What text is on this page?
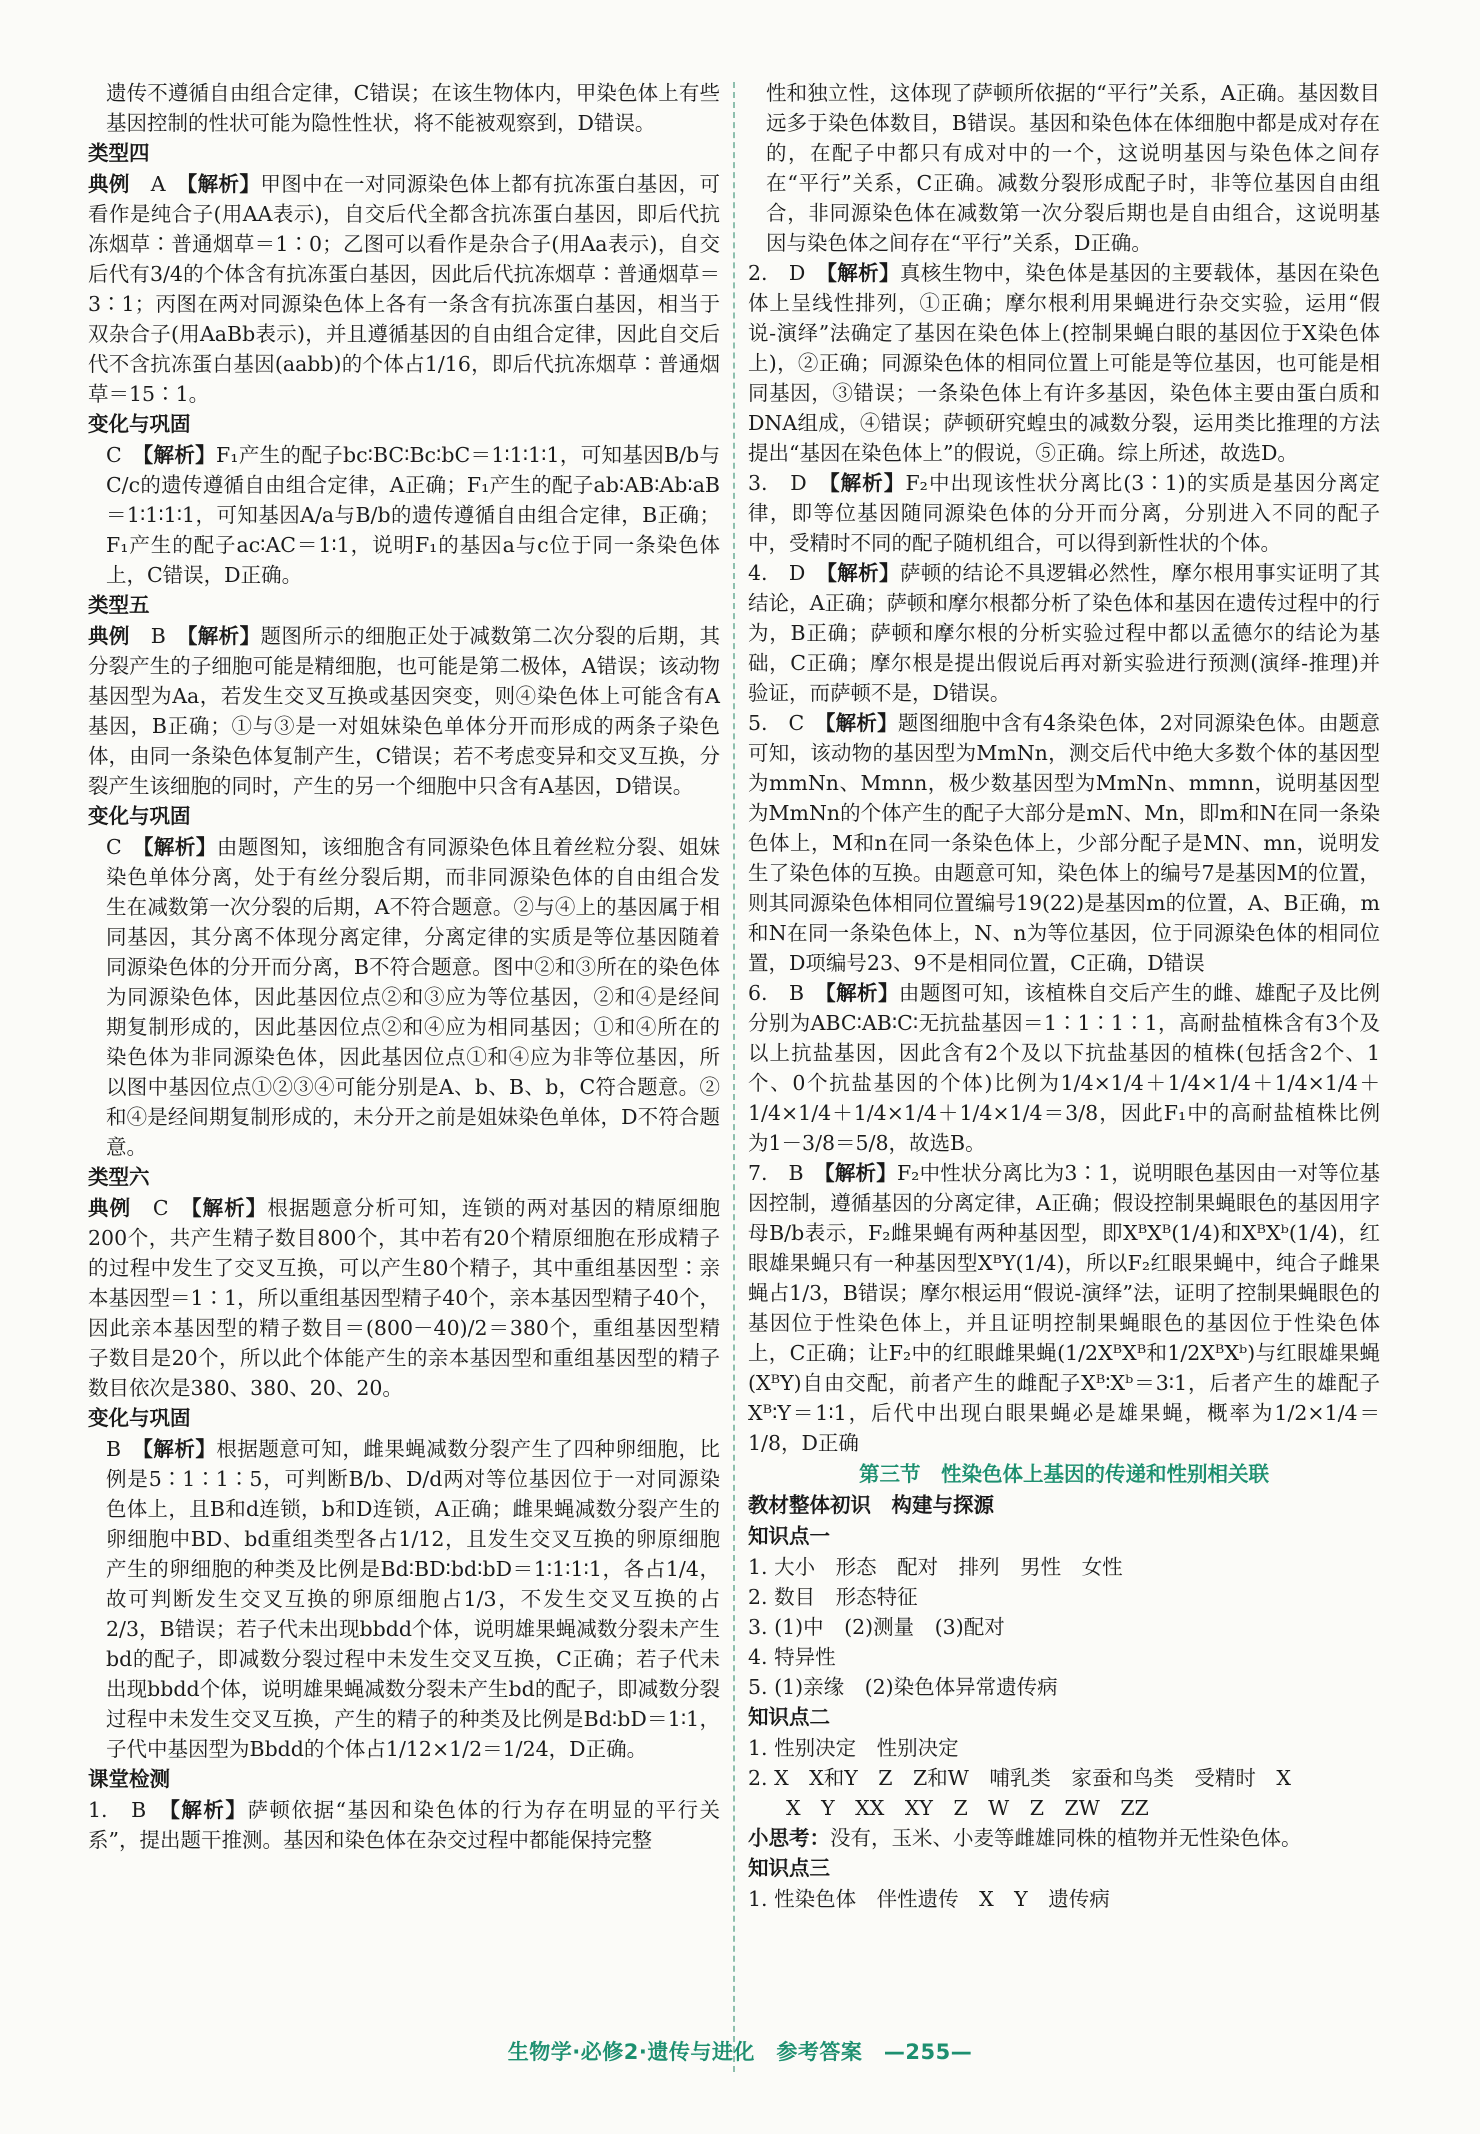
遗传不遵循自由组合定律，C错误；在该生物体内，甲染色体上有些基因控制的性状可能为隐性性状，将不能被观察到，D错误。

类型四

典例　 A　 【解析】甲图中在一对同源染色体上都有抗冻蛋白基因，可看作是纯合子(用AA表示)，自交后代全都含抗冻蛋白基因，即后代抗冻烟草∶普通烟草＝1∶0；乙图可以看作是杂合子(用Aa表示)，自交后代有3/4的个体含有抗冻蛋白基因，因此后代抗冻烟草∶普通烟草＝3∶1；丙图在两对同源染色体上各有一条含有抗冻蛋白基因，相当于双杂合子(用AaBb表示)，并且遵循基因的自由组合定律，因此自交后代不含抗冻蛋白基因(aabb)的个体占1/16，即后代抗冻烟草∶普通烟草＝15∶1。

变化与巩固

C　 【解析】F₁产生的配子bc∶BC∶Bc∶bC＝1∶1∶1∶1，可知基因B/b与C/c的遗传遵循自由组合定律，A正确；F₁产生的配子ab∶AB∶Ab∶aB＝1∶1∶1∶1，可知基因A/a与B/b的遗传遵循自由组合定律，B正确；F₁产生的配子ac∶AC＝1∶1，说明F₁的基因a与c位于同一条染色体上，C错误，D正确。

类型五

典例　 B　 【解析】题图所示的细胞正处于减数第二次分裂的后期，其分裂产生的子细胞可能是精细胞，也可能是第二极体，A错误；该动物基因型为Aa，若发生交叉互换或基因突变，则④染色体上可能含有A基因，B正确；①与③是一对姐妹染色单体分开而形成的两条子染色体，由同一条染色体复制产生，C错误；若不考虑变异和交叉互换，分裂产生该细胞的同时，产生的另一个细胞中只含有A基因，D错误。

变化与巩固

C　 【解析】由题图知，该细胞含有同源染色体且着丝粒分裂、姐妹染色单体分离，处于有丝分裂后期，而非同源染色体的自由组合发生在减数第一次分裂的后期，A不符合题意。②与④上的基因属于相同基因，其分离不体现分离定律，分离定律的实质是等位基因随着同源染色体的分开而分离，B不符合题意。图中②和③所在的染色体为同源染色体，因此基因位点②和③应为等位基因，②和④是经间期复制形成的，因此基因位点②和④应为相同基因；①和④所在的染色体为非同源染色体，因此基因位点①和④应为非等位基因，所以图中基因位点①②③④可能分别是A、b、B、b，C符合题意。②和④是经间期复制形成的，未分开之前是姐妹染色单体，D不符合题意。

类型六

典例　 C　 【解析】根据题意分析可知，连锁的两对基因的精原细胞200个，共产生精子数目800个，其中若有20个精原细胞在形成精子的过程中发生了交叉互换，可以产生80个精子，其中重组基因型∶亲本基因型＝1∶1，所以重组基因型精子40个，亲本基因型精子40个，因此亲本基因型的精子数目＝(800－40)/2＝380个，重组基因型精子数目是20个，所以此个体能产生的亲本基因型和重组基因型的精子数目依次是380、380、20、20。

变化与巩固

B　 【解析】根据题意可知，雌果蝇减数分裂产生了四种卵细胞，比例是5∶1∶1∶5，可判断B/b、D/d两对等位基因位于一对同源染色体上，且B和d连锁，b和D连锁，A正确；雌果蝇减数分裂产生的卵细胞中BD、bd重组类型各占1/12，且发生交叉互换的卵原细胞产生的卵细胞的种类及比例是Bd∶BD∶bd∶bD＝1∶1∶1∶1，各占1/4，故可判断发生交叉互换的卵原细胞占1/3，不发生交叉互换的占2/3，B错误；若子代未出现bbdd个体，说明雄果蝇减数分裂未产生bd的配子，即减数分裂过程中未发生交叉互换，C正确；若子代未出现bbdd个体，说明雄果蝇减数分裂未产生bd的配子，即减数分裂过程中未发生交叉互换，产生的精子的种类及比例是Bd∶bD＝1∶1，子代中基因型为Bbdd的个体占1/12×1/2＝1/24，D正确。

课堂检测

1.　 B　 【解析】萨顿依据“基因和染色体的行为存在明显的平行关系”，提出题干推测。基因和染色体在杂交过程中都能保持完整

性和独立性，这体现了萨顿所依据的“平行”关系，A正确。基因数目远多于染色体数目，B错误。基因和染色体在体细胞中都是成对存在的，在配子中都只有成对中的一个，这说明基因与染色体之间存在“平行”关系，C正确。减数分裂形成配子时，非等位基因自由组合，非同源染色体在减数第一次分裂后期也是自由组合，这说明基因与染色体之间存在“平行”关系，D正确。

2.　 D　 【解析】真核生物中，染色体是基因的主要载体，基因在染色体上呈线性排列，①正确；摩尔根利用果蝇进行杂交实验，运用“假说-演绎”法确定了基因在染色体上(控制果蝇白眼的基因位于X染色体上)，②正确；同源染色体的相同位置上可能是等位基因，也可能是相同基因，③错误；一条染色体上有许多基因，染色体主要由蛋白质和DNA组成，④错误；萨顿研究蝗虫的减数分裂，运用类比推理的方法提出“基因在染色体上”的假说，⑤正确。综上所述，故选D。

3.　 D　 【解析】F₂中出现该性状分离比(3∶1)的实质是基因分离定律，即等位基因随同源染色体的分开而分离，分别进入不同的配子中，受精时不同的配子随机组合，可以得到新性状的个体。

4.　 D　 【解析】萨顿的结论不具逻辑必然性，摩尔根用事实证明了其结论，A正确；萨顿和摩尔根都分析了染色体和基因在遗传过程中的行为，B正确；萨顿和摩尔根的分析实验过程中都以孟德尔的结论为基础，C正确；摩尔根是提出假说后再对新实验进行预测(演绎-推理)并验证，而萨顿不是，D错误。

5.　 C　 【解析】题图细胞中含有4条染色体，2对同源染色体。由题意可知，该动物的基因型为MmNn，测交后代中绝大多数个体的基因型为mmNn、Mmnn，极少数基因型为MmNn、mmnn，说明基因型为MmNn的个体产生的配子大部分是mN、Mn，即m和N在同一条染色体上，M和n在同一条染色体上，少部分配子是MN、mn，说明发生了染色体的互换。由题意可知，染色体上的编号7是基因M的位置，则其同源染色体相同位置编号19(22)是基因m的位置，A、B正确，m和N在同一条染色体上，N、n为等位基因，位于同源染色体的相同位置，D项编号23、9不是相同位置，C正确，D错误

6.　 B　 【解析】由题图可知，该植株自交后产生的雌、雄配子及比例分别为ABC∶AB∶C∶无抗盐基因＝1∶1∶1∶1，高耐盐植株含有3个及以上抗盐基因，因此含有2个及以下抗盐基因的植株(包括含2个、1个、0个抗盐基因的个体)比例为1/4×1/4＋1/4×1/4＋1/4×1/4＋1/4×1/4＋1/4×1/4＋1/4×1/4＝3/8，因此F₁中的高耐盐植株比例为1－3/8＝5/8，故选B。

7.　 B　 【解析】F₂中性状分离比为3∶1，说明眼色基因由一对等位基因控制，遵循基因的分离定律，A正确；假设控制果蝇眼色的基因用字母B/b表示，F₂雌果蝇有两种基因型，即XᴮXᴮ(1/4)和XᴮXᵇ(1/4)，红眼雄果蝇只有一种基因型XᴮY(1/4)，所以F₂红眼果蝇中，纯合子雌果蝇占1/3，B错误；摩尔根运用“假说-演绎”法，证明了控制果蝇眼色的基因位于性染色体上，并且证明控制果蝇眼色的基因位于性染色体上，C正确；让F₂中的红眼雌果蝇(1/2XᴮXᴮ和1/2XᴮXᵇ)与红眼雄果蝇(XᴮY)自由交配，前者产生的雌配子Xᴮ∶Xᵇ＝3∶1，后者产生的雄配子Xᴮ∶Y＝1∶1，后代中出现白眼果蝇必是雄果蝇，概率为1/2×1/4＝1/8，D正确

第三节　性染色体上基因的传递和性别相关联
教材整体初识　构建与探源
知识点一

1. 大小　形态　配对　排列　男性　女性

2. 数目　形态特征

3. (1)中　(2)测量　(3)配对

4. 特异性

5. (1)亲缘　(2)染色体异常遗传病

知识点二

1. 性别决定　性别决定

2. X　X和Y　Z　Z和W　哺乳类　家蚕和鸟类　受精时　X

X　Y　XX　XY　Z　W　Z　ZW　ZZ

小思考：没有，玉米、小麦等雌雄同株的植物并无性染色体。

知识点三

1. 性染色体　伴性遗传　X　Y　遗传病

生物学·必修2·遗传与进化　参考答案　—255—
